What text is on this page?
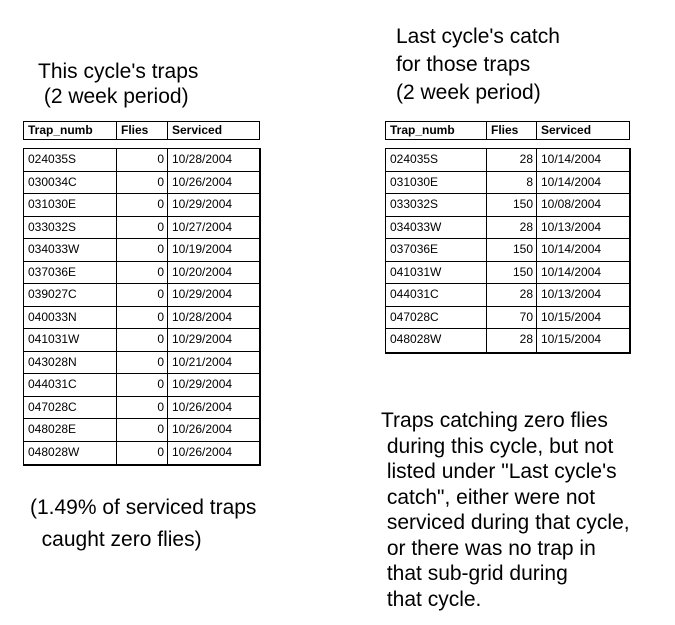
This cycle's traps
(2 week period)
Last cycle's catch
for those traps
(2 week period)
Trap_numb	Flies	Serviced
024035S	0 10/28/2004
030034C	0 10/26/2004
031030E	0 10/29/2004
033032S	0 10/27/2004
034033W	0 10/19/2004
037036E	0 10/20/2004
039027C	0 10/29/2004
040033N	0 10/28/2004
041031W	0 10/29/2004
043028N	0 10/21/2004
044031C	0 10/29/2004
047028C	0 10/26/2004
048028E	0 10/26/2004
048028W	0 10/26/2004
Trap_numb	Flies	Serviced
024035S	28 10/14/2004
031030E	8 10/14/2004
033032S	150 10/08/2004
034033W	28 10/13/2004
037036E	150 10/14/2004
041031W	150 10/14/2004
044031C	28 10/13/2004
047028C	70 10/15/2004
048028W	28 10/15/2004
(1.49% of serviced traps
caught zero flies)
Traps catching zero flies
during this cycle, but not
listed under "Last cycle's
catch", either were not
serviced during that cycle,
or there was no trap in
that sub-grid during
that cycle.
